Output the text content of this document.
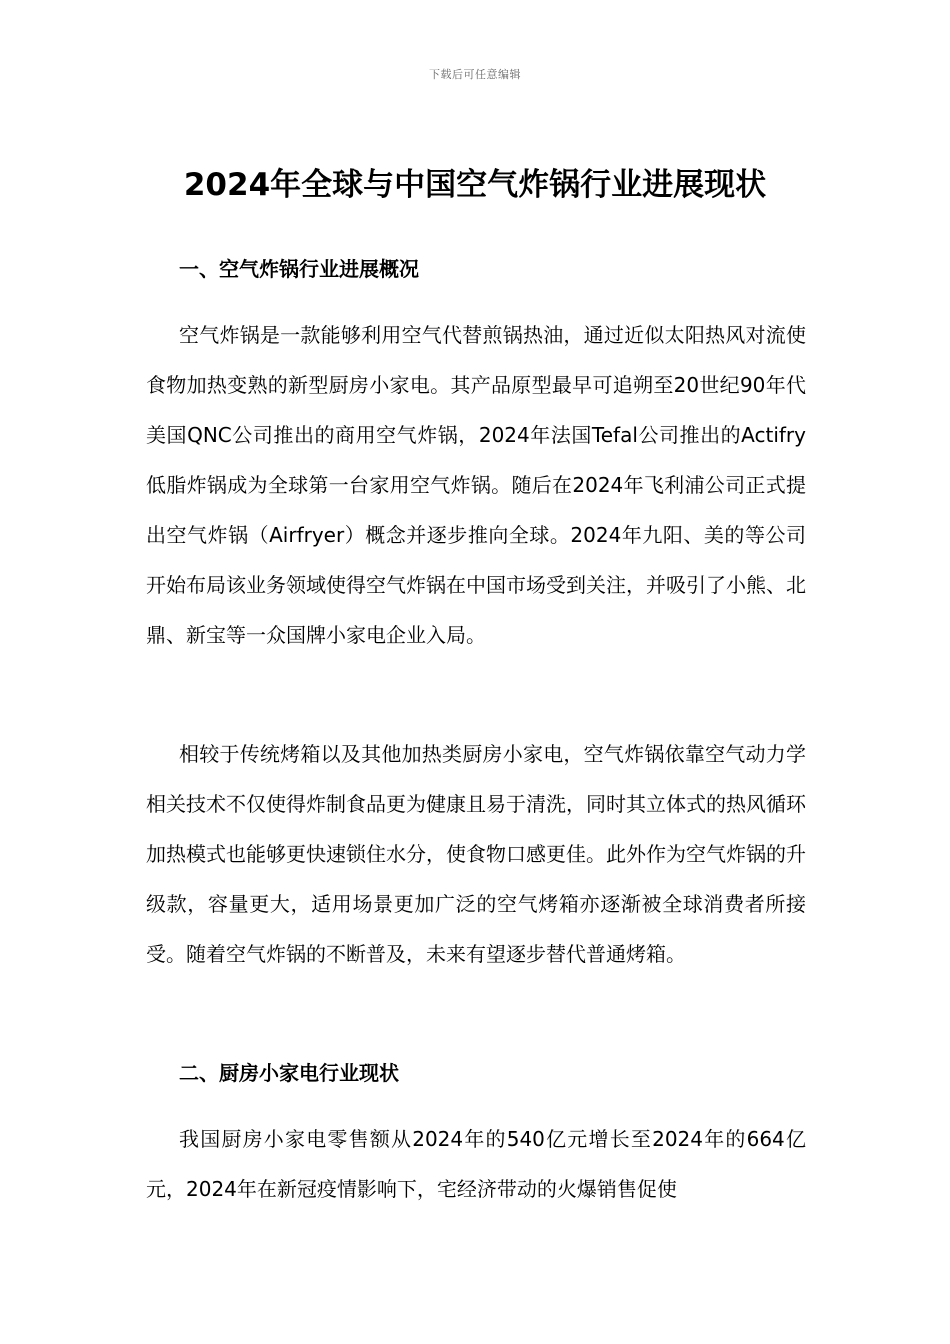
下载后可任意编辑
2024年全球与中国空气炸锅行业进展现状
一、空气炸锅行业进展概况

空气炸锅是一款能够利用空气代替煎锅热油，通过近似太阳热风对流使食物加热变熟的新型厨房小家电。其产品原型最早可追朔至20世纪90年代美国QNC公司推出的商用空气炸锅，2024年法国Tefal公司推出的Actifry低脂炸锅成为全球第一台家用空气炸锅。随后在2024年飞利浦公司正式提出空气炸锅（Airfryer）概念并逐步推向全球。2024年九阳、美的等公司开始布局该业务领域使得空气炸锅在中国市场受到关注，并吸引了小熊、北鼎、新宝等一众国牌小家电企业入局。

相较于传统烤箱以及其他加热类厨房小家电，空气炸锅依靠空气动力学相关技术不仅使得炸制食品更为健康且易于清洗，同时其立体式的热风循环加热模式也能够更快速锁住水分，使食物口感更佳。此外作为空气炸锅的升级款，容量更大，适用场景更加广泛的空气烤箱亦逐渐被全球消费者所接受。随着空气炸锅的不断普及，未来有望逐步替代普通烤箱。

二、厨房小家电行业现状

我国厨房小家电零售额从2024年的540亿元增长至2024年的664亿元，2024年在新冠疫情影响下，宅经济带动的火爆销售促使
